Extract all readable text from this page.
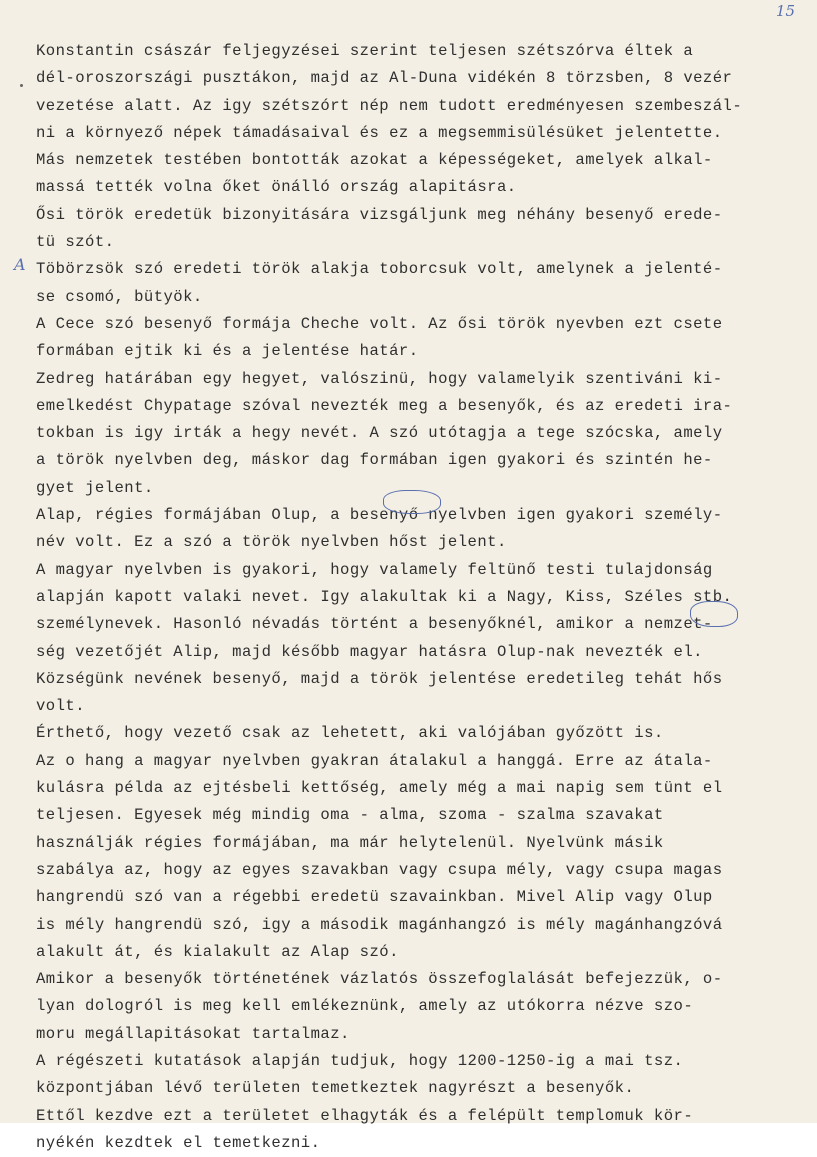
15
A
Konstantin császár feljegyzései szerint teljesen szétszórva éltek a
dél-oroszországi pusztákon, majd az Al-Duna vidékén 8 törzsben, 8 vezér
vezetése alatt. Az igy szétszórt nép nem tudott eredményesen szembeszál-
ni a környező népek támadásaival és ez a megsemmisülésüket jelentette.
Más nemzetek testében bontották azokat a képességeket, amelyek alkal-
massá tették volna őket önálló ország alapitásra.
Ősi török eredetük bizonyitására vizsgáljunk meg néhány besenyő erede-
tü szót.
Töbörzsök szó eredeti török alakja toborcsuk volt, amelynek a jelenté-
se csomó, bütyök.
A Cece szó besenyő formája Cheche volt. Az ősi török nyevben ezt csete
formában ejtik ki és a jelentése határ.
Zedreg határában egy hegyet, valószinü, hogy valamelyik szentiváni ki-
emelkedést Chypatage szóval nevezték meg a besenyők, és az eredeti ira-
tokban is igy irták a hegy nevét. A szó utótagja a tege szócska, amely
a török nyelvben deg, máskor dag formában igen gyakori és szintén he-
gyet jelent.
Alap, régies formájában Olup, a besenyő nyelvben igen gyakori személy-
név volt. Ez a szó a török nyelvben hőst jelent.
A magyar nyelvben is gyakori, hogy valamely feltünő testi tulajdonság
alapján kapott valaki nevet. Igy alakultak ki a Nagy, Kiss, Széles stb.
személynevek. Hasonló névadás történt a besenyőknél, amikor a nemzet-
ség vezetőjét Alip, majd később magyar hatásra Olup-nak nevezték el.
Községünk nevének besenyő, majd a török jelentése eredetileg tehát hős
volt.
Érthető, hogy vezető csak az lehetett, aki valójában győzött is.
Az o hang a magyar nyelvben gyakran átalakul a hanggá. Erre az átala-
kulásra példa az ejtésbeli kettőség, amely még a mai napig sem tünt el
teljesen. Egyesek még mindig oma - alma, szoma - szalma szavakat
használják régies formájában, ma már helytelenül. Nyelvünk másik
szabálya az, hogy az egyes szavakban vagy csupa mély, vagy csupa magas
hangrendü szó van a régebbi eredetü szavainkban. Mivel Alip vagy Olup
is mély hangrendü szó, igy a második magánhangzó is mély magánhangzóvá
alakult át, és kialakult az Alap szó.
Amikor a besenyők történetének vázlatós összefoglalását befejezzük, o-
lyan dologról is meg kell emlékeznünk, amely az utókorra nézve szo-
moru megállapitásokat tartalmaz.
A régészeti kutatások alapján tudjuk, hogy 1200-1250-ig a mai tsz.
központjában lévő területen temetkeztek nagyrészt a besenyők.
Ettől kezdve ezt a területet elhagyták és a felépült templomuk kör-
nyékén kezdtek el temetkezni.
